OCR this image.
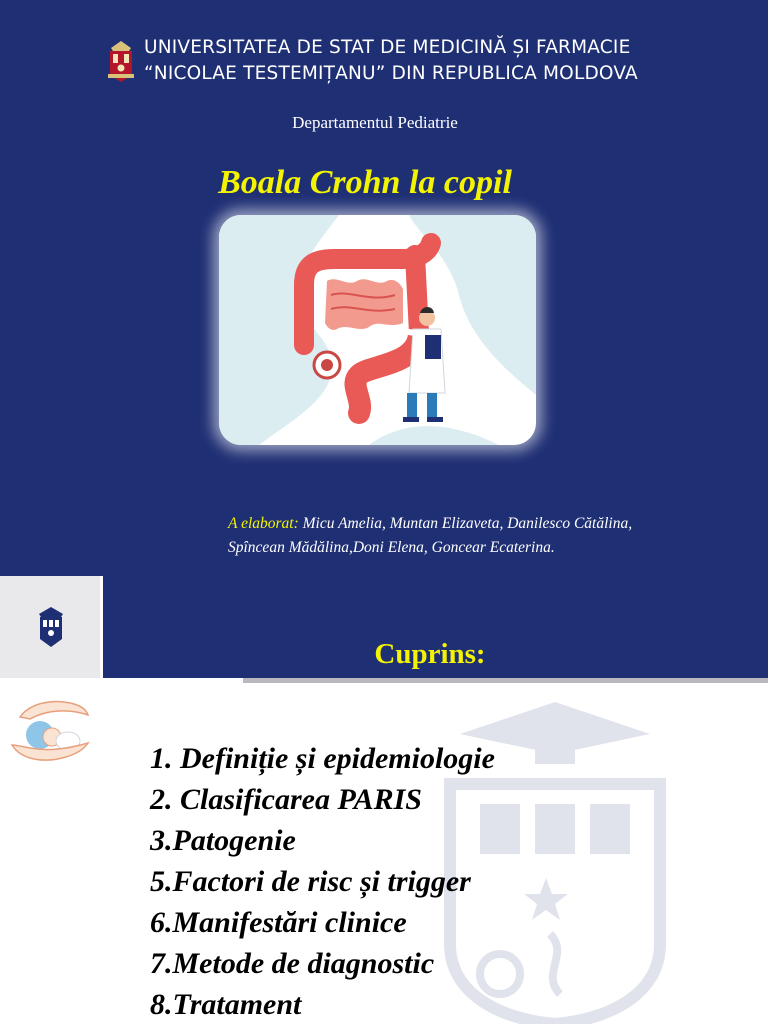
UNIVERSITATEA DE STAT DE MEDICINĂ ȘI FARMACIE
“NICOLAE TESTEMIȚANU” DIN REPUBLICA MOLDOVA
Departamentul Pediatrie
Boala Crohn la copil
A elaborat: Micu Amelia, Muntan Elizaveta, Danilesco Cătălina,
Spîncean Mădălina,Doni Elena, Goncear Ecaterina.
Cuprins:
1. Definiție și epidemiologie
2. Clasificarea PARIS
3.Patogenie
5.Factori de risc și trigger
6.Manifestări clinice
7.Metode de diagnostic
8.Tratament
